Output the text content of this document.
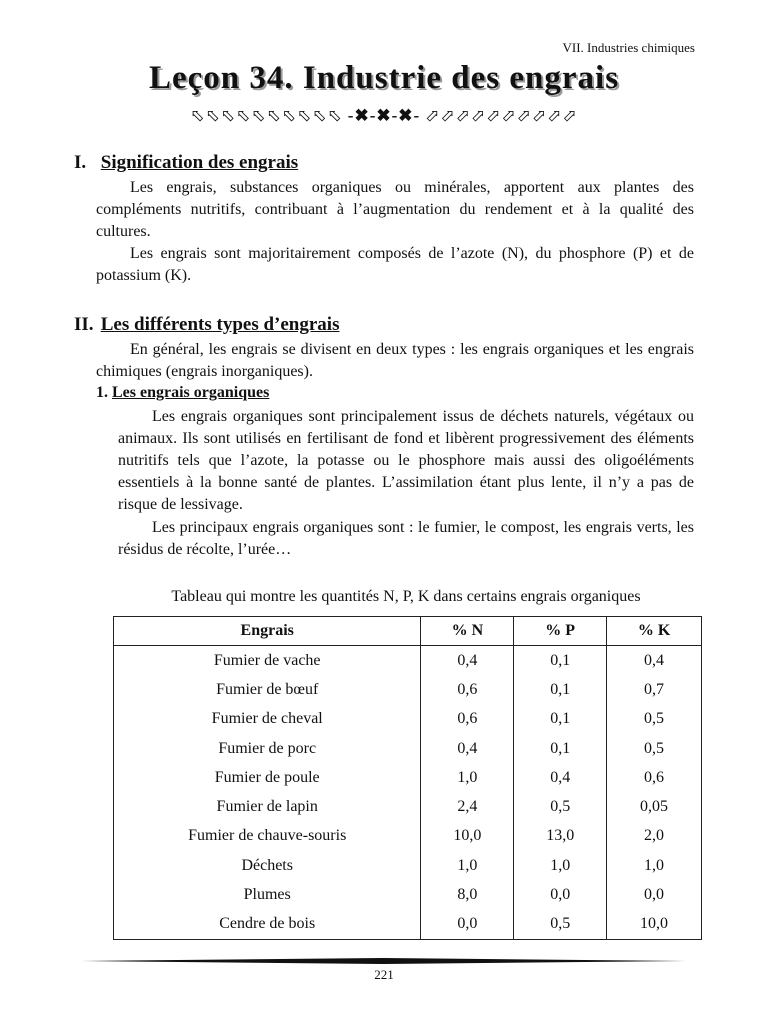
VII. Industries chimiques
Leçon 34. Industrie des engrais
⬁⬁⬁⬁⬁⬁⬁⬁⬁⬁ -✖-✖-✖- ⬀⬀⬀⬀⬀⬀⬀⬀⬀⬀
I. Signification des engrais
Les engrais, substances organiques ou minérales, apportent aux plantes des compléments nutritifs, contribuant à l’augmentation du rendement et à la qualité des cultures.
Les engrais sont majoritairement composés de l’azote (N), du phosphore (P) et de potassium (K).
II. Les différents types d’engrais
En général, les engrais se divisent en deux types : les engrais organiques et les engrais chimiques (engrais inorganiques).
1. Les engrais organiques
Les engrais organiques sont principalement issus de déchets naturels, végétaux ou animaux. Ils sont utilisés en fertilisant de fond et libèrent progressivement des éléments nutritifs tels que l’azote, la potasse ou le phosphore mais aussi des oligoéléments essentiels à la bonne santé de plantes. L’assimilation étant plus lente, il n’y a pas de risque de lessivage.
Les principaux engrais organiques sont : le fumier, le compost, les engrais verts, les résidus de récolte, l’urée…
Tableau qui montre les quantités N, P, K dans certains engrais organiques
Engrais	% N	% P	% K
Fumier de vache	0,4	0,1	0,4
Fumier de bœuf	0,6	0,1	0,7
Fumier de cheval	0,6	0,1	0,5
Fumier de porc	0,4	0,1	0,5
Fumier de poule	1,0	0,4	0,6
Fumier de lapin	2,4	0,5	0,05
Fumier de chauve-souris	10,0	13,0	2,0
Déchets	1,0	1,0	1,0
Plumes	8,0	0,0	0,0
Cendre de bois	0,0	0,5	10,0
221
